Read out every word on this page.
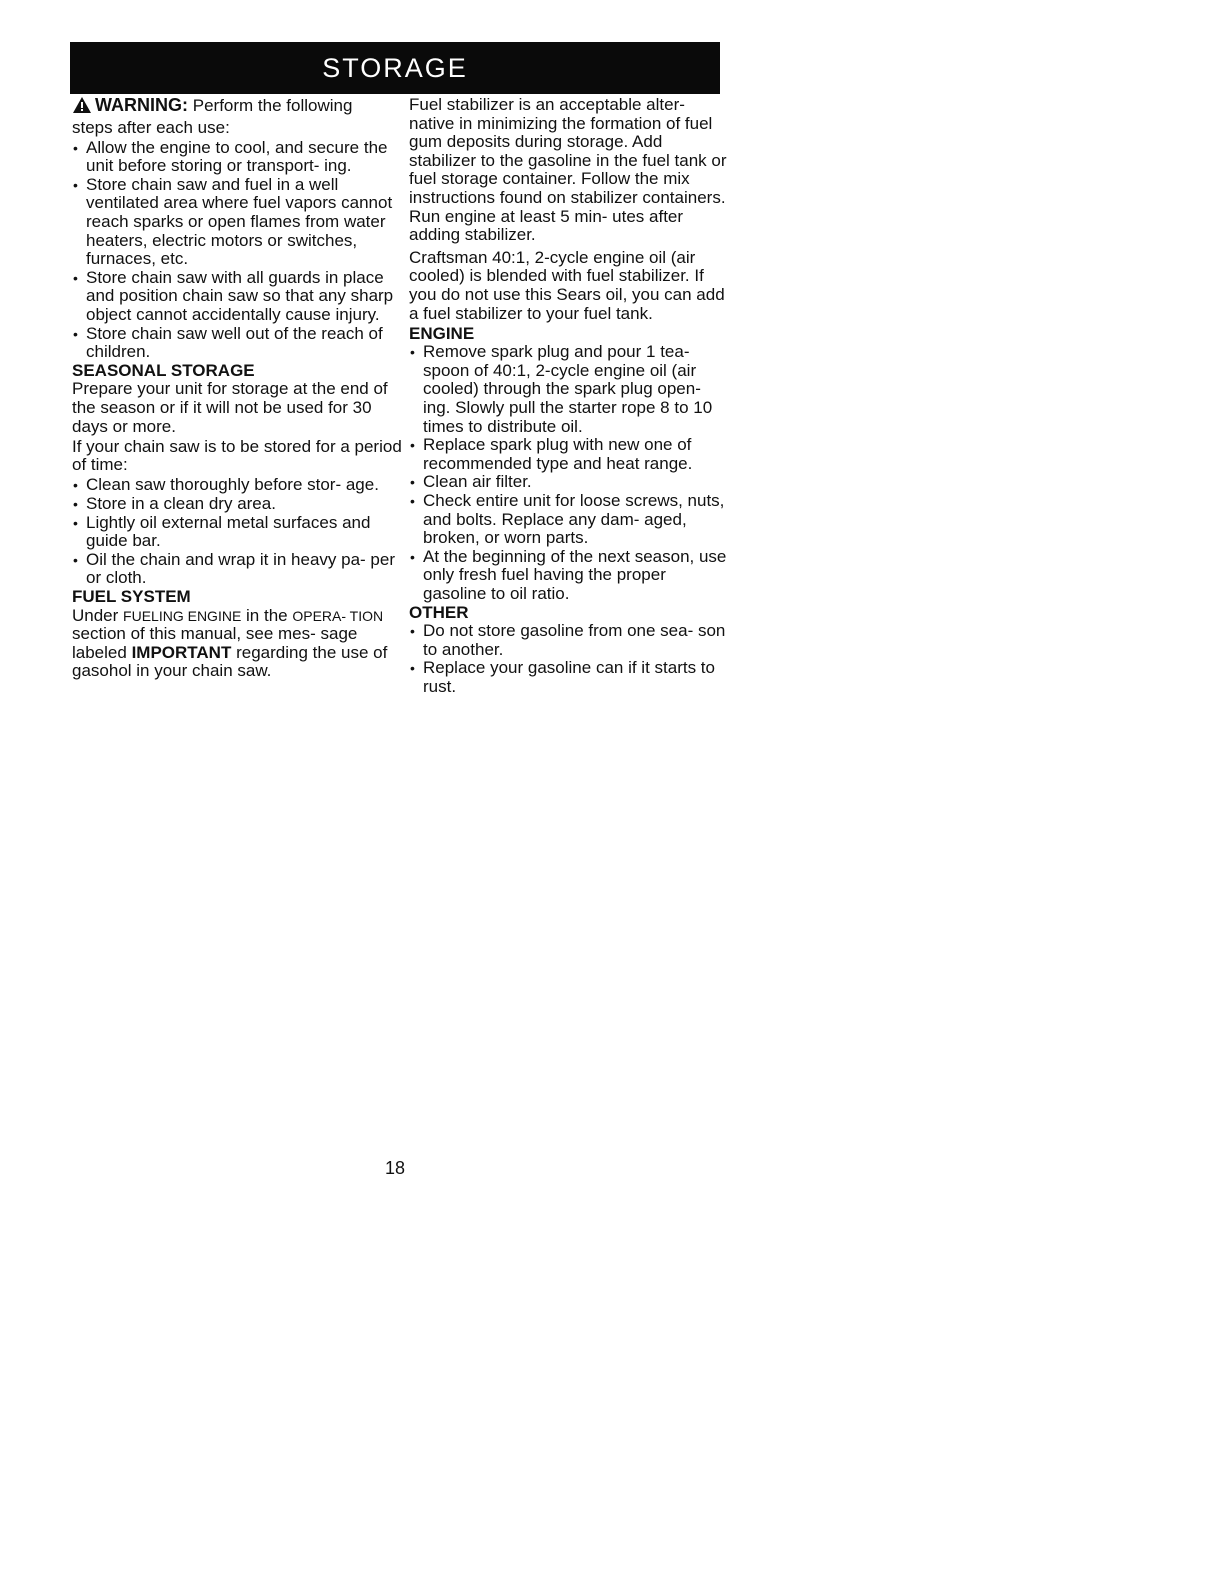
STORAGE

WARNING: Perform the following
steps after each use:

• Allow the engine to cool, and secure the unit before storing or transport- ing.
• Store chain saw and fuel in a well ventilated area where fuel vapors cannot reach sparks or open flames from water heaters, electric motors or switches, furnaces, etc.
• Store chain saw with all guards in place and position chain saw so that any sharp object cannot accidentally cause injury.
• Store chain saw well out of the reach of children.
SEASONAL STORAGE

Prepare your unit for storage at the end of the season or if it will not be used for 30 days or more.

If your chain saw is to be stored for a period of time:

• Clean saw thoroughly before stor- age.
• Store in a clean dry area.
• Lightly oil external metal surfaces and guide bar.
• Oil the chain and wrap it in heavy pa- per or cloth.
FUEL SYSTEM

Under FUELING ENGINE in the OPERA- TION section of this manual, see mes- sage labeled IMPORTANT regarding the use of gasohol in your chain saw.

Fuel stabilizer is an acceptable alter- native in minimizing the formation of fuel gum deposits during storage. Add stabilizer to the gasoline in the fuel tank or fuel storage container. Follow the mix instructions found on stabilizer containers. Run engine at least 5 min- utes after adding stabilizer.

Craftsman 40:1, 2-cycle engine oil (air cooled) is blended with fuel stabilizer. If you do not use this Sears oil, you can add a fuel stabilizer to your fuel tank.

ENGINE
• Remove spark plug and pour 1 tea- spoon of 40:1, 2-cycle engine oil (air cooled) through the spark plug open- ing. Slowly pull the starter rope 8 to 10 times to distribute oil.
• Replace spark plug with new one of recommended type and heat range.
• Clean air filter.
• Check entire unit for loose screws, nuts, and bolts. Replace any dam- aged, broken, or worn parts.
• At the beginning of the next season, use only fresh fuel having the proper gasoline to oil ratio.
OTHER
• Do not store gasoline from one sea- son to another.
• Replace your gasoline can if it starts to rust.
18
